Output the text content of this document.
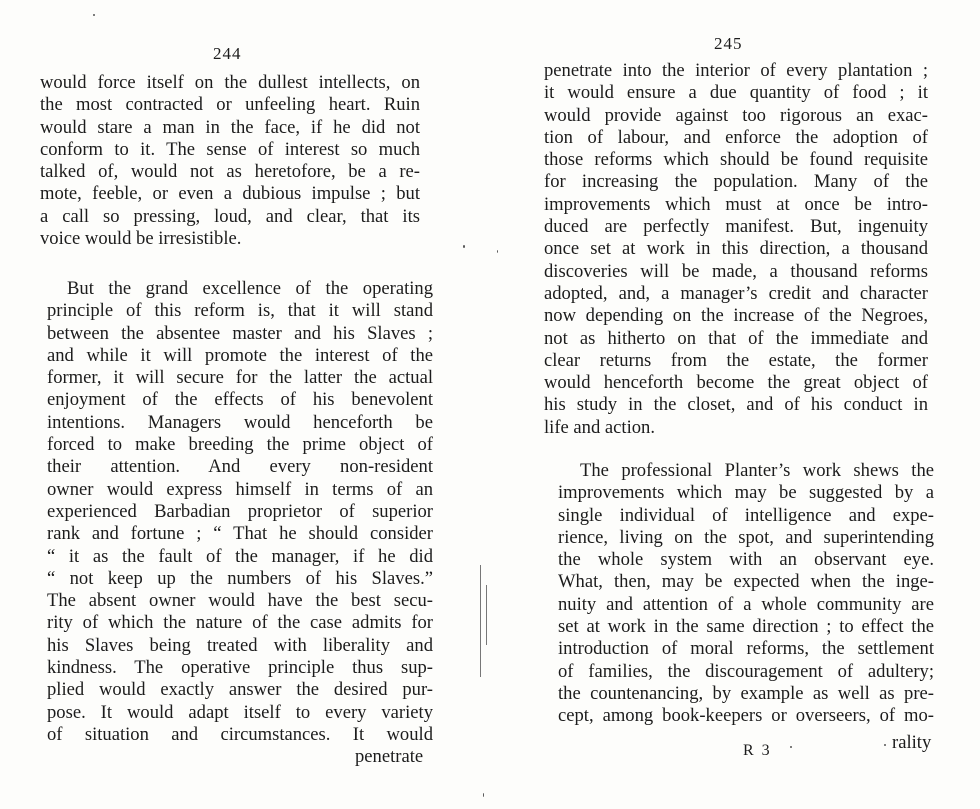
244
would force itself on the dullest intellects, on
the most contracted or unfeeling heart. Ruin
would stare a man in the face, if he did not
conform to it. The sense of interest so much
talked of, would not as heretofore, be a re-
mote, feeble, or even a dubious impulse ; but
a call so pressing, loud, and clear, that its
voice would be irresistible.
But the grand excellence of the operating
principle of this reform is, that it will stand
between the absentee master and his Slaves ;
and while it will promote the interest of the
former, it will secure for the latter the actual
enjoyment of the effects of his benevolent
intentions. Managers would henceforth be
forced to make breeding the prime object of
their attention. And every non-resident
owner would express himself in terms of an
experienced Barbadian proprietor of superior
rank and fortune ; “ That he should consider
“ it as the fault of the manager, if he did
“ not keep up the numbers of his Slaves.”
The absent owner would have the best secu-
rity of which the nature of the case admits for
his Slaves being treated with liberality and
kindness. The operative principle thus sup-
plied would exactly answer the desired pur-
pose. It would adapt itself to every variety
of situation and circumstances. It would
penetrate
245
penetrate into the interior of every plantation ;
it would ensure a due quantity of food ; it
would provide against too rigorous an exac-
tion of labour, and enforce the adoption of
those reforms which should be found requisite
for increasing the population. Many of the
improvements which must at once be intro-
duced are perfectly manifest. But, ingenuity
once set at work in this direction, a thousand
discoveries will be made, a thousand reforms
adopted, and, a manager’s credit and character
now depending on the increase of the Negroes,
not as hitherto on that of the immediate and
clear returns from the estate, the former
would henceforth become the great object of
his study in the closet, and of his conduct in
life and action.
The professional Planter’s work shews the
improvements which may be suggested by a
single individual of intelligence and expe-
rience, living on the spot, and superintending
the whole system with an observant eye.
What, then, may be expected when the inge-
nuity and attention of a whole community are
set at work in the same direction ; to effect the
introduction of moral reforms, the settlement
of families, the discouragement of adultery;
the countenancing, by example as well as pre-
cept, among book-keepers or overseers, of mo-
rality
R 3
